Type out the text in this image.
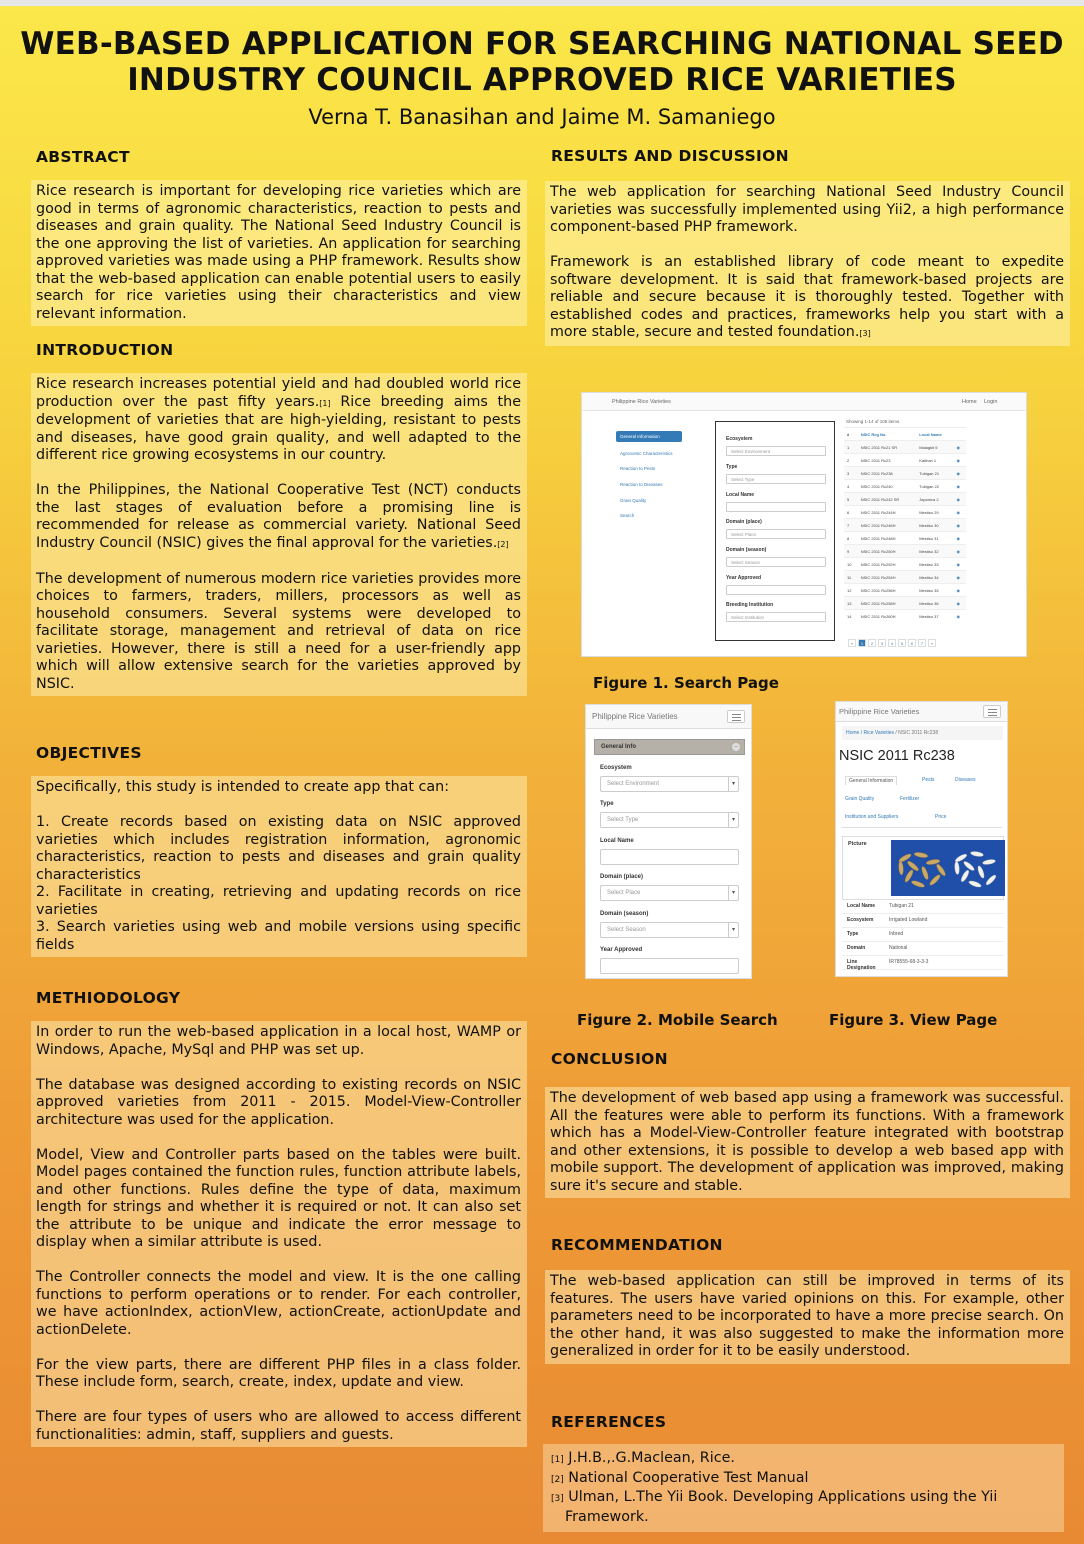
WEB-BASED APPLICATION FOR SEARCHING NATIONAL SEED
INDUSTRY COUNCIL APPROVED RICE VARIETIES
Verna T. Banasihan and Jaime M. Samaniego
ABSTRACT

Rice research is important for developing rice varieties which are good in terms of agronomic characteristics, reaction to pests and diseases and grain quality. The National Seed Industry Council is the one approving the list of varieties. An application for searching approved varieties was made using a PHP framework. Results show that the web-based application can enable potential users to easily search for rice varieties using their characteristics and view relevant information.

INTRODUCTION

Rice research increases potential yield and had doubled world rice production over the past fifty years.[1] Rice breeding aims the development of varieties that are high-yielding, resistant to pests and diseases, have good grain quality, and well adapted to the different rice growing ecosystems in our country.

In the Philippines, the National Cooperative Test (NCT) conducts the last stages of evaluation before a promising line is recommended for release as commercial variety. National Seed Industry Council (NSIC) gives the final approval for the varieties.[2]

The development of numerous modern rice varieties provides more choices to farmers, traders, millers, processors as well as household consumers. Several systems were developed to facilitate storage, management and retrieval of data on rice varieties. However, there is still a need for a user-friendly app which will allow extensive search for the varieties approved by NSIC.

OBJECTIVES

Specifically, this study is intended to create app that can:

1. Create records based on existing data on NSIC approved varieties which includes registration information, agronomic characteristics, reaction to pests and diseases and grain quality characteristics
2. Facilitate in creating, retrieving and updating records on rice varieties
3. Search varieties using web and mobile versions using specific fields
METHIODOLOGY

In order to run the web-based application in a local host, WAMP or Windows, Apache, MySql and PHP was set up.

The database was designed according to existing records on NSIC approved varieties from 2011 - 2015. Model-View-Controller architecture was used for the application.

Model, View and Controller parts based on the tables were built. Model pages contained the function rules, function attribute labels, and other functions. Rules define the type of data, maximum length for strings and whether it is required or not. It can also set the attribute to be unique and indicate the error message to display when a similar attribute is used.

The Controller connects the model and view. It is the one calling functions to perform operations or to render. For each controller, we have actionIndex, actionVIew, actionCreate, actionUpdate and actionDelete.

For the view parts, there are different PHP files in a class folder. These include form, search, create, index, update and view.

There are four types of users who are allowed to access different functionalities: admin, staff, suppliers and guests.

RESULTS AND DISCUSSION

The web application for searching National Seed Industry Council varieties was successfully implemented using Yii2, a high performance component-based PHP framework.

Framework is an established library of code meant to expedite software development. It is said that framework-based projects are reliable and secure because it is thoroughly tested. Together with established codes and practices, frameworks help you start with a more stable, secure and tested foundation.[3]

Philippine Rice Varieties	Home Login
General Information
Agronomic Characteristics
Reaction to Pests
Reaction to Diseases
Grain Quality
Search
Ecosystem
Select Environment
Type
Select Type
Local Name
Domain (place)
Select Place
Domain (season)
Select Season
Year Approved
Breeding Institution
Select Institution
Showing 1-14 of 105 items.
#	NSIC Reg No.	Local Name	
1	NSIC 2011 Rc21 SR	Malagkit 5	◉
2	NSIC 2011 Rc23	Katihan 1	◉
3	NSIC 2011 Rc238	Tubigan 21	◉
4	NSIC 2011 Rc240	Tubigan 22	◉
5	NSIC 2011 Rc242 SR	Japonica 2	◉
6	NSIC 2011 Rc244H	Mestiso 29	◉
7	NSIC 2011 Rc246H	Mestiso 30	◉
8	NSIC 2011 Rc248H	Mestiso 31	◉
9	NSIC 2011 Rc250H	Mestiso 32	◉
10	NSIC 2011 Rc252H	Mestiso 33	◉
11	NSIC 2011 Rc254H	Mestiso 34	◉
12	NSIC 2011 Rc256H	Mestiso 35	◉
13	NSIC 2011 Rc258H	Mestiso 36	◉
14	NSIC 2011 Rc260H	Mestiso 37	◉
«	1	2	3	4	5	6	7	»
Figure 1. Search Page
Philippine Rice Varieties
General Info	–
Ecosystem
Select Environment	▾
Type
Select Type	▾
Local Name
Domain (place)
Select Place	▾
Domain (season)
Select Season	▾
Year Approved
Figure 2. Mobile Search
Philippine Rice Varieties
Home / Rice Varieties / NSIC 2011 Rc238
NSIC 2011 Rc238
General Information	Pests	Diseases
Grain Quality	Fertilizer
Institution and Suppliers	Price
Picture
Local Name	Tubigan 21
Ecosystem	Irrigated Lowland
Type	Inbred
Domain	National
Line Designation
IR78555-68-3-3-3
Figure 3. View Page
CONCLUSION

The development of web based app using a framework was successful. All the features were able to perform its functions. With a framework which has a Model-View-Controller feature integrated with bootstrap and other extensions, it is possible to develop a web based app with mobile support. The development of application was improved, making sure it's secure and stable.

RECOMMENDATION

The web-based application can still be improved in terms of its features. The users have varied opinions on this. For example, other parameters need to be incorporated to have a more precise search. On the other hand, it was also suggested to make the information more generalized in order for it to be easily understood.

REFERENCES
[1] J.H.B.,.G.Maclean, Rice.
[2] National Cooperative Test Manual
[3] Ulman, L.The Yii Book. Developing Applications using the Yii Framework.
